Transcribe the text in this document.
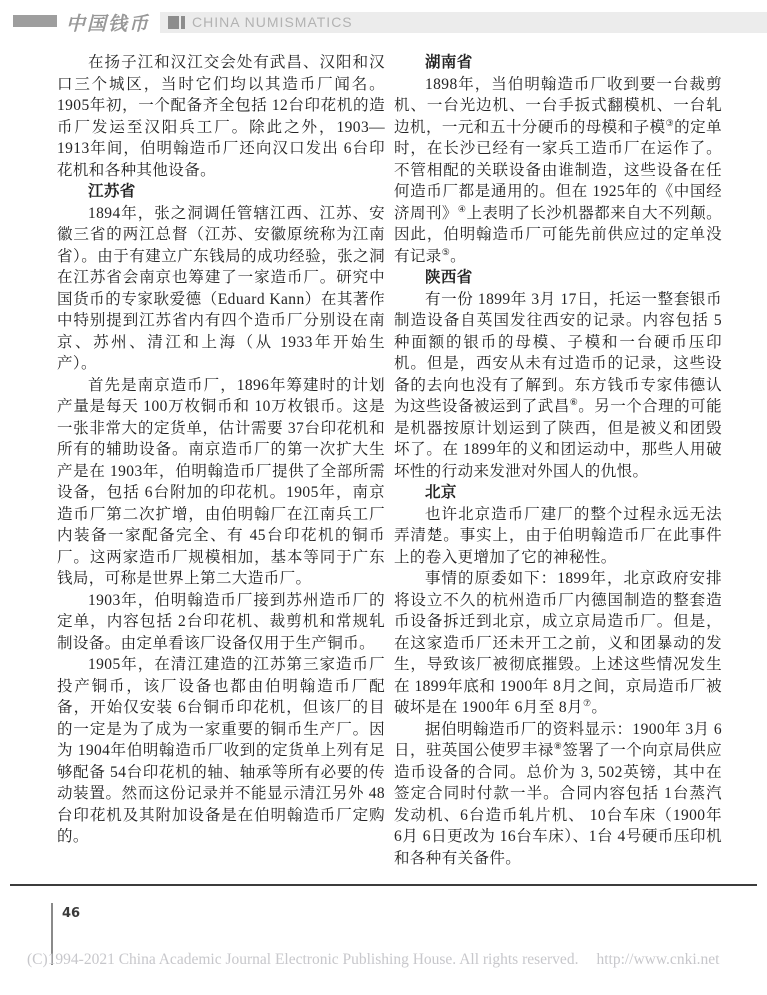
中国钱币	CHINA NUMISMATICS

在扬子江和汉江交会处有武昌、汉阳和汉口三个城区，当时它们均以其造币厂闻名。1905年初，一个配备齐全包括 12台印花机的造币厂发运至汉阳兵工厂。除此之外，1903—1913年间，伯明翰造币厂还向汉口发出 6台印花机和各种其他设备。

江苏省

1894年，张之洞调任管辖江西、江苏、安徽三省的两江总督（江苏、安徽原统称为江南省）。由于有建立广东钱局的成功经验，张之洞在江苏省会南京也筹建了一家造币厂。研究中国货币的专家耿爱德（Eduard Kann）在其著作中特别提到江苏省内有四个造币厂分别设在南京、苏州、清江和上海（从 1933年开始生产）。

首先是南京造币厂，1896年筹建时的计划产量是每天 100万枚铜币和 10万枚银币。这是一张非常大的定货单，估计需要 37台印花机和所有的辅助设备。南京造币厂的第一次扩大生产是在 1903年，伯明翰造币厂提供了全部所需设备，包括 6台附加的印花机。1905年，南京造币厂第二次扩增，由伯明翰厂在江南兵工厂内装备一家配备完全、有 45台印花机的铜币厂。这两家造币厂规模相加，基本等同于广东钱局，可称是世界上第二大造币厂。

1903年，伯明翰造币厂接到苏州造币厂的定单，内容包括 2台印花机、裁剪机和常规轧制设备。由定单看该厂设备仅用于生产铜币。

1905年，在清江建造的江苏第三家造币厂投产铜币，该厂设备也都由伯明翰造币厂配备，开始仅安装 6台铜币印花机，但该厂的目的一定是为了成为一家重要的铜币生产厂。因为 1904年伯明翰造币厂收到的定货单上列有足够配备 54台印花机的轴、轴承等所有必要的传动装置。然而这份记录并不能显示清江另外 48台印花机及其附加设备是在伯明翰造币厂定购的。

湖南省

1898年，当伯明翰造币厂收到要一台裁剪机、一台光边机、一台手扳式翻模机、一台轧边机，一元和五十分硬币的母模和子模③的定单时，在长沙已经有一家兵工造币厂在运作了。不管相配的关联设备由谁制造，这些设备在任何造币厂都是通用的。但在 1925年的《中国经济周刊》④上表明了长沙机器都来自大不列颠。因此，伯明翰造币厂可能先前供应过的定单没有记录⑤。

陕西省

有一份 1899年 3月 17日，托运一整套银币制造设备自英国发往西安的记录。内容包括 5种面额的银币的母模、子模和一台硬币压印机。但是，西安从未有过造币的记录，这些设备的去向也没有了解到。东方钱币专家伟德认为这些设备被运到了武昌⑥。另一个合理的可能是机器按原计划运到了陕西，但是被义和团毁坏了。在 1899年的义和团运动中，那些人用破坏性的行动来发泄对外国人的仇恨。

北京

也许北京造币厂建厂的整个过程永远无法弄清楚。事实上，由于伯明翰造币厂在此事件上的卷入更增加了它的神秘性。

事情的原委如下：1899年，北京政府安排将设立不久的杭州造币厂内德国制造的整套造币设备拆迁到北京，成立京局造币厂。但是，在这家造币厂还未开工之前，义和团暴动的发生，导致该厂被彻底摧毁。上述这些情况发生在 1899年底和 1900年 8月之间，京局造币厂被破坏是在 1900年 6月至 8月⑦。

据伯明翰造币厂的资料显示：1900年 3月 6日，驻英国公使罗丰禄⑧签署了一个向京局供应造币设备的合同。总价为 3, 502英镑，其中在签定合同时付款一半。合同内容包括 1台蒸汽发动机、6台造币轧片机、 10台车床（1900年 6月 6日更改为 16台车床）、1台 4号硬币压印机和各种有关备件。

46
(C)1994-2021 China Academic Journal Electronic Publishing House. All rights reserved. http://www.cnki.net
